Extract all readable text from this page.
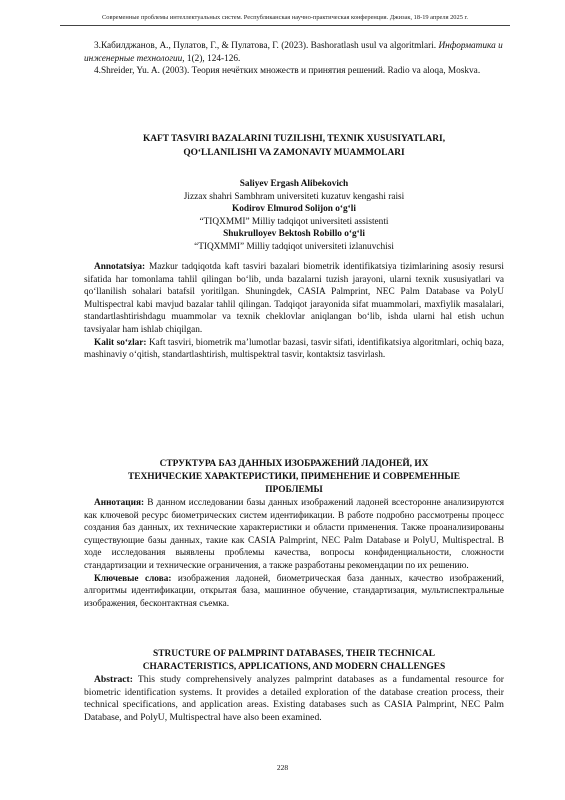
Современные проблемы интеллектуальных систем. Республиканская научно-практическая конференция. Джизак, 18-19 апреля 2025 г.

3.Кабилджанов, А., Пулатов, Г., & Пулатова, Г. (2023). Bashoratlash usul va algoritmlari. Информатика и инженерные технологии, 1(2), 124-126.

4.Shreider, Yu. A. (2003). Теория нечётких множеств и принятия решений. Radio va aloqa, Moskva.

KAFT TASVIRI BAZALARINI TUZILISHI, TEXNIK XUSUSIYATLARI,

QO‘LLANILISHI VA ZAMONAVIY MUAMMOLARI

Saliyev Ergash Alibekovich

Jizzax shahri Sambhram universiteti kuzatuv kengashi raisi

Kodirov Elmurod Solijon o‘g‘li

“TIQXMMI” Milliy tadqiqot universiteti assistenti

Shukrulloyev Bektosh Robillo o‘g‘li

“TIQXMMI” Milliy tadqiqot universiteti izlanuvchisi

Annotatsiya: Mazkur tadqiqotda kaft tasviri bazalari biometrik identifikatsiya tizimlarining asosiy resursi sifatida har tomonlama tahlil qilingan bo‘lib, unda bazalarni tuzish jarayoni, ularni texnik xususiyatlari va qo‘llanilish sohalari batafsil yoritilgan. Shuningdek, CASIA Palmprint, NEC Palm Database va PolyU Multispectral kabi mavjud bazalar tahlil qilingan. Tadqiqot jarayonida sifat muammolari, maxfiylik masalalari, standartlashtirishdagu muammolar va texnik cheklovlar aniqlangan bo‘lib, ishda ularni hal etish uchun tavsiyalar ham ishlab chiqilgan.

Kalit so‘zlar: Kaft tasviri, biometrik ma’lumotlar bazasi, tasvir sifati, identifikatsiya algoritmlari, ochiq baza, mashinaviy o‘qitish, standartlashtirish, multispektral tasvir, kontaktsiz tasvirlash.

СТРУКТУРА БАЗ ДАННЫХ ИЗОБРАЖЕНИЙ ЛАДОНЕЙ, ИХ

ТЕХНИЧЕСКИЕ ХАРАКТЕРИСТИКИ, ПРИМЕНЕНИЕ И СОВРЕМЕННЫЕ

ПРОБЛЕМЫ

Аннотация: В данном исследовании базы данных изображений ладоней всесторонне анализируются как ключевой ресурс биометрических систем идентификации. В работе подробно рассмотрены процесс создания баз данных, их технические характеристики и области применения. Также проанализированы существующие базы данных, такие как CASIA Palmprint, NEC Palm Database и PolyU, Multispectral. В ходе исследования выявлены проблемы качества, вопросы конфиденциальности, сложности стандартизации и технические ограничения, а также разработаны рекомендации по их решению.

Ключевые слова: изображения ладоней, биометрическая база данных, качество изображений, алгоритмы идентификации, открытая база, машинное обучение, стандартизация, мультиспектральные изображения, бесконтактная съемка.

STRUCTURE OF PALMPRINT DATABASES, THEIR TECHNICAL

CHARACTERISTICS, APPLICATIONS, AND MODERN CHALLENGES

Abstract: This study comprehensively analyzes palmprint databases as a fundamental resource for biometric identification systems. It provides a detailed exploration of the database creation process, their technical specifications, and application areas. Existing databases such as CASIA Palmprint, NEC Palm Database, and PolyU, Multispectral have also been examined.

228
